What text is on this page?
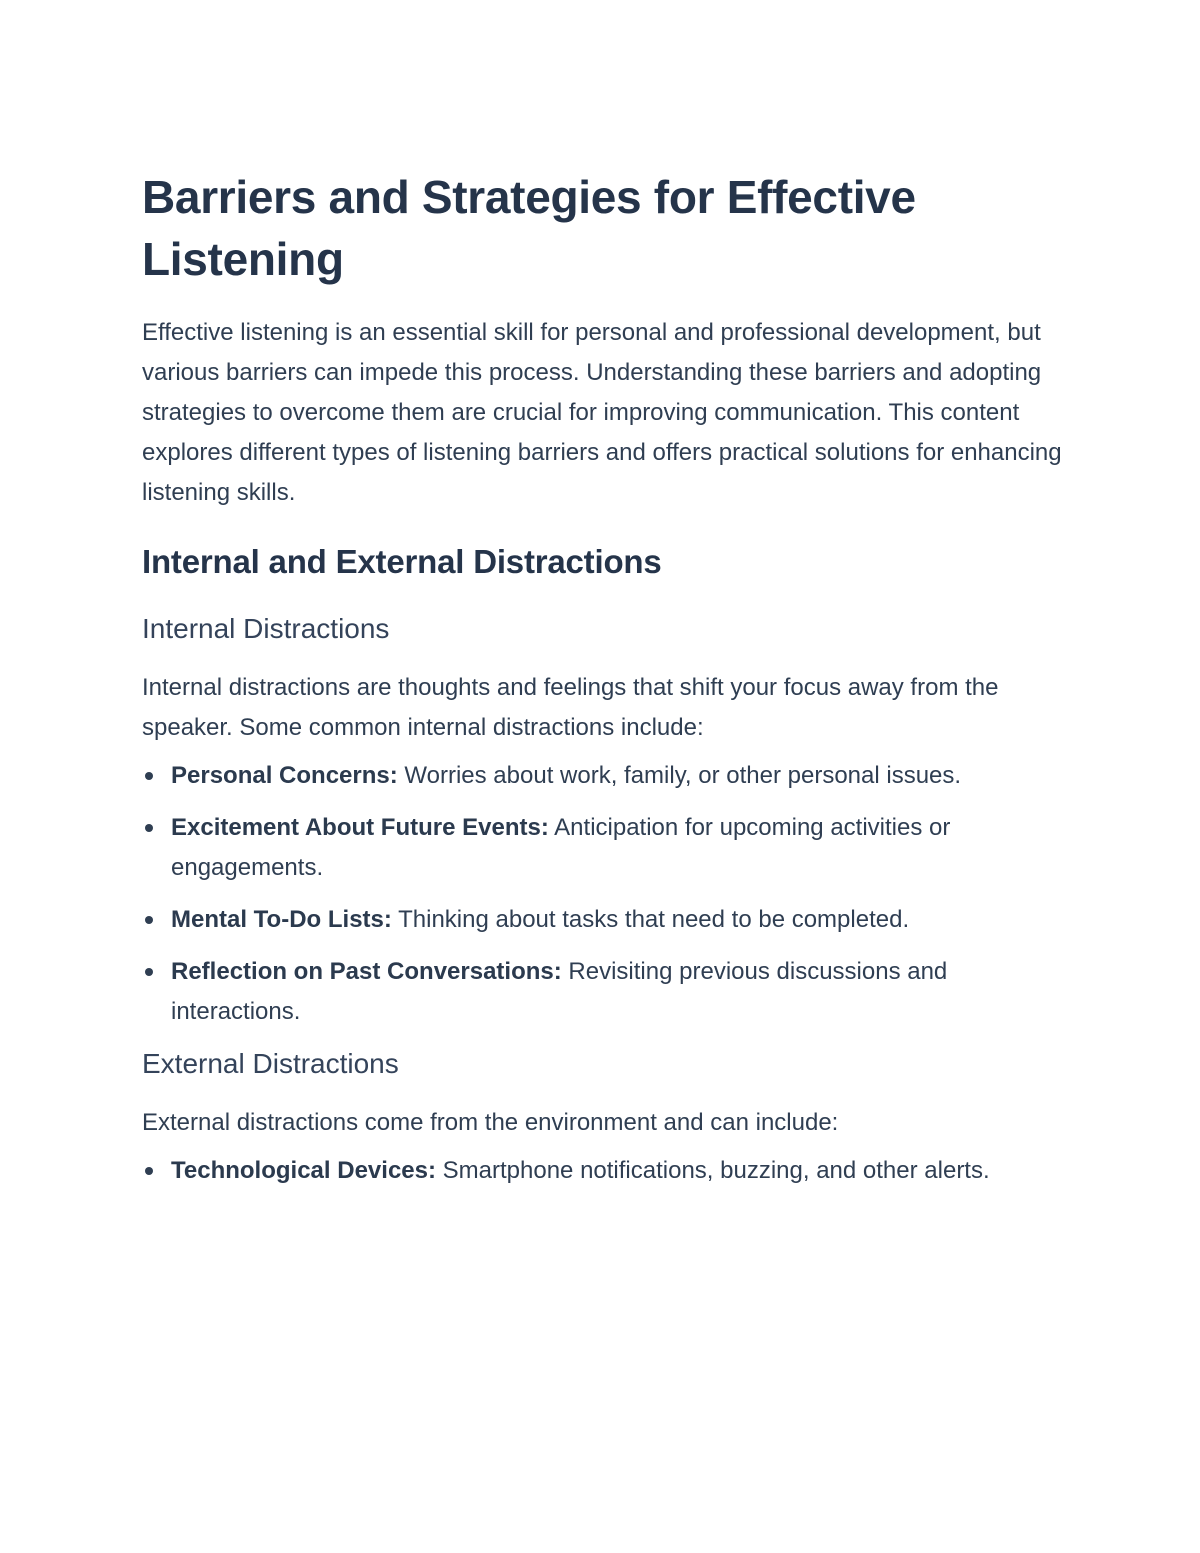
Barriers and Strategies for Effective Listening

Effective listening is an essential skill for personal and professional development, but various barriers can impede this process. Understanding these barriers and adopting strategies to overcome them are crucial for improving communication. This content explores different types of listening barriers and offers practical solutions for enhancing listening skills.

Internal and External Distractions
Internal Distractions

Internal distractions are thoughts and feelings that shift your focus away from the speaker. Some common internal distractions include:

Personal Concerns: Worries about work, family, or other personal issues.
Excitement About Future Events: Anticipation for upcoming activities or engagements.
Mental To-Do Lists: Thinking about tasks that need to be completed.
Reflection on Past Conversations: Revisiting previous discussions and interactions.
External Distractions

External distractions come from the environment and can include:

Technological Devices: Smartphone notifications, buzzing, and other alerts.
